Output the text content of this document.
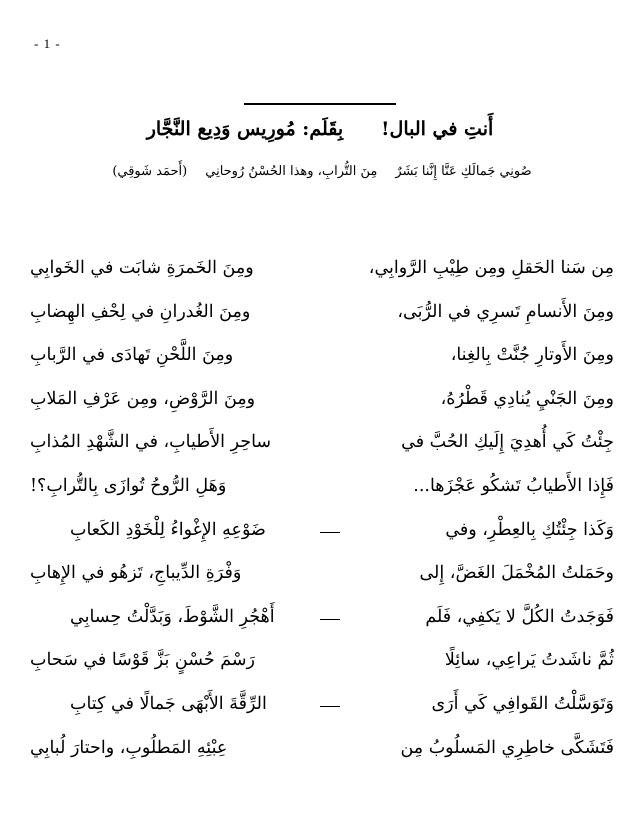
- 1 -
أَنتِ في البال!بِقَلَم: مُورِيس وَدِيع النَّجَّار
صُونِي جَمالَكِ عَنَّا إِنَّنا بَشَرٌمِنَ التُّرابِ، وهذا الحُسْنُ رُوحانِي(أَحمَد شَوقِي)
مِن سَنا الحَقلِ ومِن طِيْبِ الرَّوابِي،
ومِنَ الخَمرَةِ شابَت في الخَوابِي
ومِنَ الأَنسامِ تَسرِي في الرُّبَى،
ومِنَ الغُدرانِ في لِحْفِ الهِضابِ
ومِنَ الأَوتارِ جُنَّتْ بِالغِنا،
ومِنَ اللَّحْنِ تَهادَى في الرَّبابِ
ومِنَ الجَنْيِ يُنادِي قَطْرُهُ،
ومِنَ الرَّوْضِ، ومِن عَرْفِ المَلابِ
جِئْتُ كَي أُهدِيَ إِلَيكِ الحُبَّ في
ساحِرِ الأَطيابِ، في الشَّهْدِ المُذابِ
فَإِذا الأَطيابُ تَشكُو عَجْزَها...
وَهَلِ الرُّوحُ تُوازَى بِالتُّرابِ؟!
وَكَذا جِئْتُكِ بِالعِطْرِ، وفي
ضَوْعِهِ الإِغْواءُ لِلْخَوْدِ الكَعابِ
وحَمَلتُ المُخْمَلَ الغَضَّ، إِلى
وَفْرَةِ الدِّيباجِ، تَزهُو في الإِهابِ
فَوَجَدتُ الكُلَّ لا يَكفِي، فَلَم
أَهْجُرِ الشَّوْطَ، وَبَدَّلْتُ حِسابِي
ثُمَّ ناشَدتُ يَراعِي، سائِلًا
رَسْمَ حُسْنٍ بَزَّ قَوْسًا في سَحابِ
وَتَوَسَّلْتُ القَوافِي كَي أَرَى
الرِّقَّةَ الأَبْهَى جَمالًا في كِتابِ
فَتَشَكَّى خاطِرِي المَسلُوبُ مِن
عِبْئِهِ المَطلُوبِ، واحتارَ لُبابِي
